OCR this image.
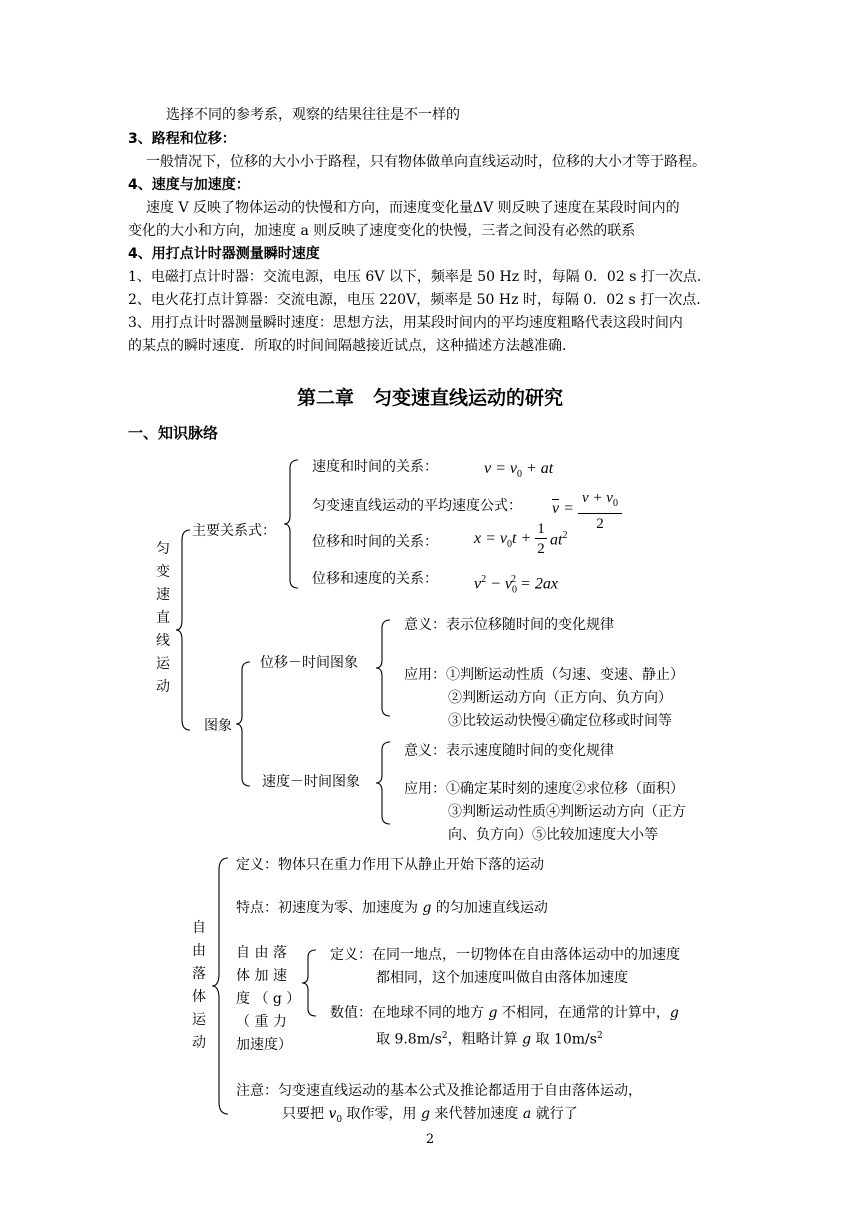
选择不同的参考系，观察的结果往往是不一样的
3、路程和位移：
一般情况下，位移的大小小于路程，只有物体做单向直线运动时，位移的大小才等于路程。
4、速度与加速度：
速度 V 反映了物体运动的快慢和方向，而速度变化量ΔV 则反映了速度在某段时间内的
变化的大小和方向，加速度 a 则反映了速度变化的快慢，三者之间没有必然的联系
4、用打点计时器测量瞬时速度
1、电磁打点计时器：交流电源，电压 6V 以下，频率是 50 Hz 时，每隔 0．02 s 打一次点．
2、电火花打点计算器：交流电源，电压 220V，频率是 50 Hz 时，每隔 0．02 s 打一次点．
3、用打点计时器测量瞬时速度：思想方法，用某段时间内的平均速度粗略代表这段时间内
的某点的瞬时速度．所取的时间间隔越接近试点，这种描述方法越准确．
第二章　匀变速直线运动的研究
一、知识脉络
匀变速直线运动
主要关系式：
速度和时间的关系：	$v = v_0$ + at
匀变速直线运动的平均速度公式： $\overline{v} = \frac{v + v_0}{2}$
位移和时间的关系： $x = v_0t + \frac{1}{2} at^2$
位移和速度的关系： $v^2 - v_0^2 = 2ax$
图象
位移－时间图象
意义：表示位移随时间的变化规律
应用：①判断运动性质（匀速、变速、静止）
②判断运动方向（正方向、负方向）
③比较运动快慢④确定位移或时间等
速度－时间图象
意义：表示速度随时间的变化规律
应用：①确定某时刻的速度②求位移（面积）
③判断运动性质④判断运动方向（正方
向、负方向）⑤比较加速度大小等
自由落体运动
定义：物体只在重力作用下从静止开始下落的运动
特点：初速度为零、加速度为 g 的匀加速直线运动
自 由 落
体 加 速
度 （ g ）
（ 重 力
加速度）
定义：在同一地点，一切物体在自由落体运动中的加速度
都相同，这个加速度叫做自由落体加速度
数值：在地球不同的地方 g 不相同，在通常的计算中，g
取 $9.8m/s^2$，粗略计算 g 取 $10m/s^2$
注意：匀变速直线运动的基本公式及推论都适用于自由落体运动，
只要把 $v_0$ 取作零，用 g 来代替加速度 a 就行了
2
